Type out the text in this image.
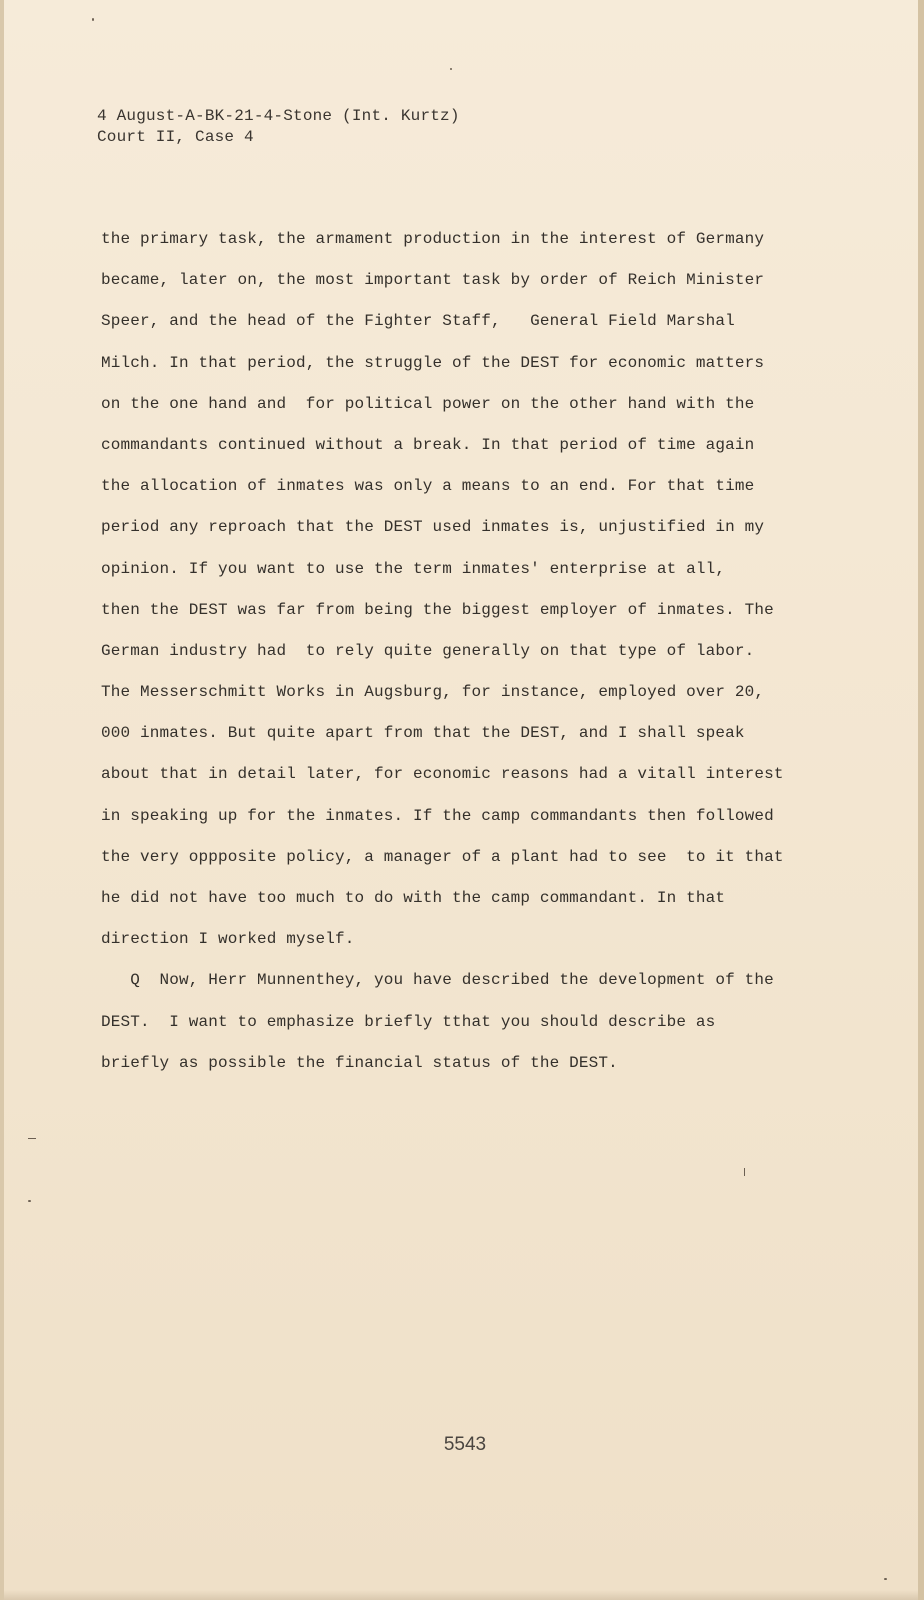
4 August-A-BK-21-4-Stone (Int. Kurtz)
Court II, Case 4
the primary task, the armament production in the interest of Germany
became, later on, the most important task by order of Reich Minister
Speer, and the head of the Fighter Staff,   General Field Marshal
Milch. In that period, the struggle of the DEST for economic matters
on the one hand and  for political power on the other hand with the
commandants continued without a break. In that period of time again
the allocation of inmates was only a means to an end. For that time
period any reproach that the DEST used inmates is, unjustified in my
opinion. If you want to use the term inmates' enterprise at all,
then the DEST was far from being the biggest employer of inmates. The
German industry had  to rely quite generally on that type of labor.
The Messerschmitt Works in Augsburg, for instance, employed over 20,
000 inmates. But quite apart from that the DEST, and I shall speak
about that in detail later, for economic reasons had a vitall interest
in speaking up for the inmates. If the camp commandants then followed
the very oppposite policy, a manager of a plant had to see  to it that
he did not have too much to do with the camp commandant. In that
direction I worked myself.
Q  Now, Herr Munnenthey, you have described the development of the
DEST.  I want to emphasize briefly tthat you should describe as
briefly as possible the financial status of the DEST.
5543
